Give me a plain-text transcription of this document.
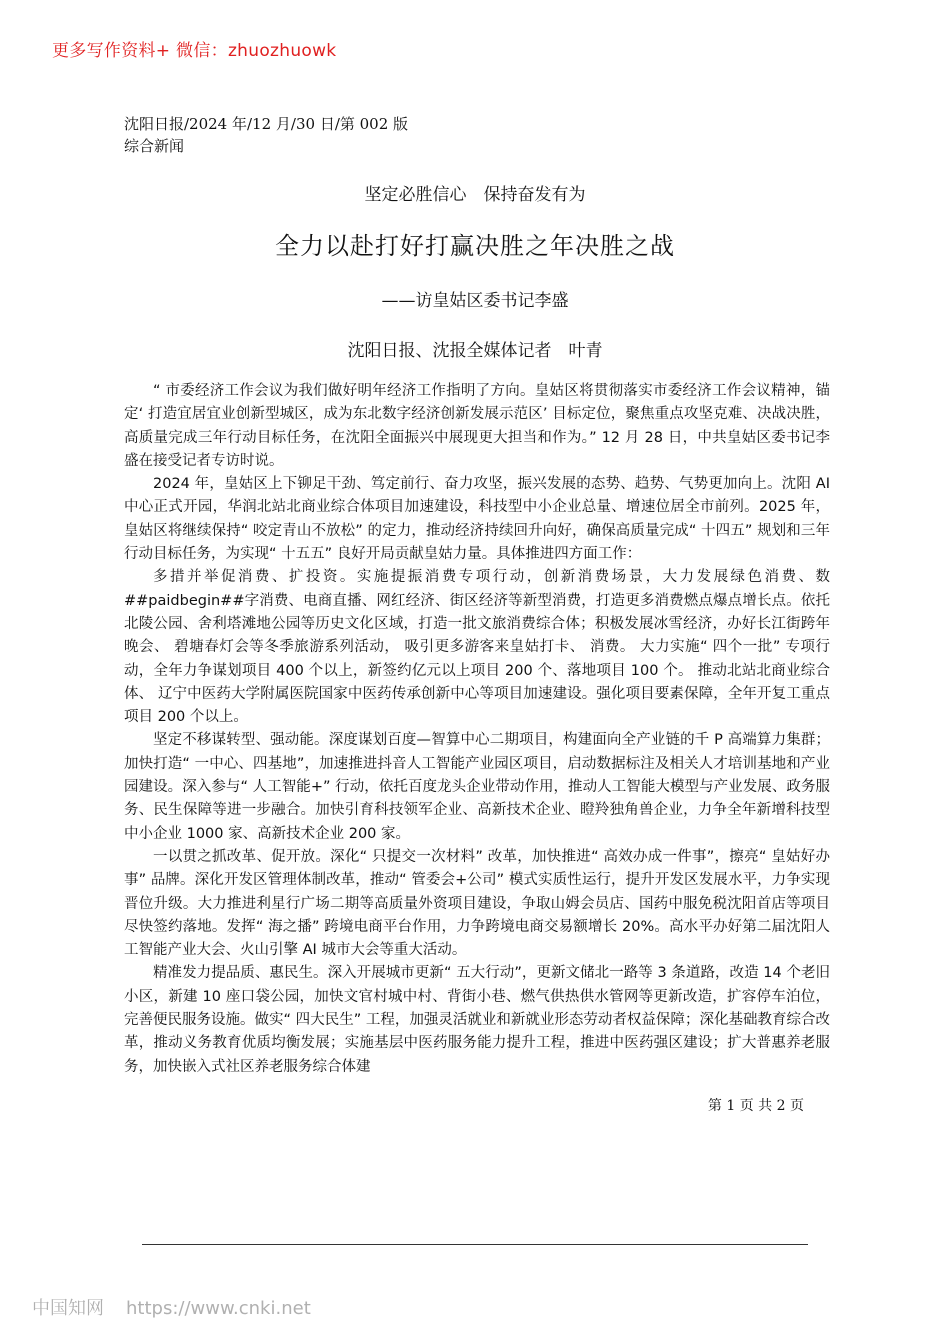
更多写作资料+ 微信：zhuozhuowk
沈阳日报/2024 年/12 月/30 日/第 002 版综合新闻
坚定必胜信心　保持奋发有为
全力以赴打好打赢决胜之年决胜之战
——访皇姑区委书记李盛
沈阳日报、沈报全媒体记者　叶青

“ 市委经济工作会议为我们做好明年经济工作指明了方向。皇姑区将贯彻落实市委经济工作会议精神，锚定‘ 打造宜居宜业创新型城区，成为东北数字经济创新发展示范区’ 目标定位，聚焦重点攻坚克难、决战决胜，高质量完成三年行动目标任务，在沈阳全面振兴中展现更大担当和作为。” 12 月 28 日，中共皇姑区委书记李盛在接受记者专访时说。

2024 年，皇姑区上下铆足干劲、笃定前行、奋力攻坚，振兴发展的态势、趋势、气势更加向上。沈阳 AI 中心正式开园，华润北站北商业综合体项目加速建设，科技型中小企业总量、增速位居全市前列。2025 年，皇姑区将继续保持“ 咬定青山不放松” 的定力，推动经济持续回升向好，确保高质量完成“ 十四五” 规划和三年行动目标任务，为实现“ 十五五” 良好开局贡献皇姑力量。具体推进四方面工作：

多措并举促消费、扩投资。实施提振消费专项行动，创新消费场景，大力发展绿色消费、数##paidbegin##字消费、电商直播、网红经济、街区经济等新型消费，打造更多消费燃点爆点增长点。依托北陵公园、舍利塔滩地公园等历史文化区域，打造一批文旅消费综合体；积极发展冰雪经济，办好长江街跨年晚会、 碧塘春灯会等冬季旅游系列活动， 吸引更多游客来皇姑打卡、 消费。 大力实施“ 四个一批” 专项行动，全年力争谋划项目 400 个以上，新签约亿元以上项目 200 个、落地项目 100 个。 推动北站北商业综合体、 辽宁中医药大学附属医院国家中医药传承创新中心等项目加速建设。强化项目要素保障，全年开复工重点项目 200 个以上。

坚定不移谋转型、强动能。深度谋划百度—智算中心二期项目，构建面向全产业链的千 P 高端算力集群；加快打造“ 一中心、四基地”，加速推进抖音人工智能产业园区项目，启动数据标注及相关人才培训基地和产业园建设。深入参与“ 人工智能+” 行动，依托百度龙头企业带动作用，推动人工智能大模型与产业发展、政务服务、民生保障等进一步融合。加快引育科技领军企业、高新技术企业、瞪羚独角兽企业，力争全年新增科技型中小企业 1000 家、高新技术企业 200 家。

一以贯之抓改革、促开放。深化“ 只提交一次材料” 改革，加快推进“ 高效办成一件事”，擦亮“ 皇姑好办事” 品牌。深化开发区管理体制改革，推动“ 管委会+公司” 模式实质性运行，提升开发区发展水平，力争实现晋位升级。大力推进利星行广场二期等高质量外资项目建设，争取山姆会员店、国药中服免税沈阳首店等项目尽快签约落地。发挥“ 海之播” 跨境电商平台作用，力争跨境电商交易额增长 20%。高水平办好第二届沈阳人工智能产业大会、火山引擎 AI 城市大会等重大活动。

精准发力提品质、惠民生。深入开展城市更新“ 五大行动”，更新文储北一路等 3 条道路，改造 14 个老旧小区，新建 10 座口袋公园，加快文官村城中村、背街小巷、燃气供热供水管网等更新改造，扩容停车泊位，完善便民服务设施。做实“ 四大民生” 工程，加强灵活就业和新就业形态劳动者权益保障；深化基础教育综合改革，推动义务教育优质均衡发展；实施基层中医药服务能力提升工程，推进中医药强区建设；扩大普惠养老服务，加快嵌入式社区养老服务综合体建

第 1 页 共 2 页
中国知网 https://www.cnki.net
